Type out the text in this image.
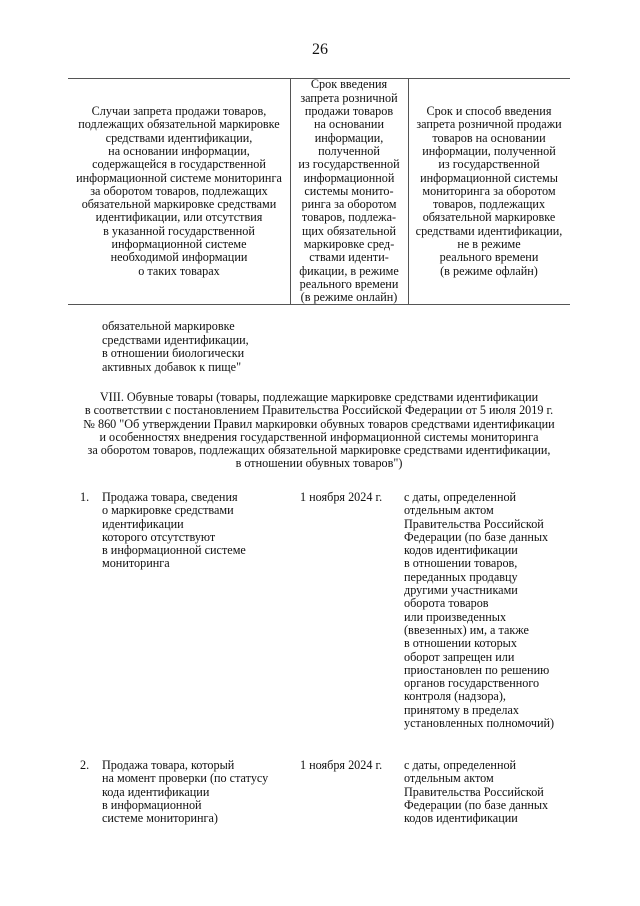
26
Случаи запрета продажи товаров,
подлежащих обязательной маркировке
средствами идентификации,
на основании информации,
содержащейся в государственной
информационной системе мониторинга
за оборотом товаров, подлежащих
обязательной маркировке средствами
идентификации, или отсутствия
в указанной государственной
информационной системе
необходимой информации
о таких товарах
Срок введения
запрета розничной
продажи товаров
на основании
информации,
полученной
из государственной
информационной
системы монито-
ринга за оборотом
товаров, подлежа-
щих обязательной
маркировке сред-
ствами иденти-
фикации, в режиме
реального времени
(в режиме онлайн)
Срок и способ введения
запрета розничной продажи
товаров на основании
информации, полученной
из государственной
информационной системы
мониторинга за оборотом
товаров, подлежащих
обязательной маркировке
средствами идентификации,
не в режиме
реального времени
(в режиме офлайн)
обязательной маркировке
средствами идентификации,
в отношении биологически
активных добавок к пище"
VIII. Обувные товары (товары, подлежащие маркировке средствами идентификации
в соответствии с постановлением Правительства Российской Федерации от 5 июля 2019 г.
№ 860 "Об утверждении Правил маркировки обувных товаров средствами идентификации
и особенностях внедрения государственной информационной системы мониторинга
за оборотом товаров, подлежащих обязательной маркировке средствами идентификации,
в отношении обувных товаров")
1. Продажа товара, сведения
о маркировке средствами
идентификации
которого отсутствуют
в информационной системе
мониторинга
1 ноября 2024 г. с даты, определенной
отдельным актом
Правительства Российской
Федерации (по базе данных
кодов идентификации
в отношении товаров,
переданных продавцу
другими участниками
оборота товаров
или произведенных
(ввезенных) им, а также
в отношении которых
оборот запрещен или
приостановлен по решению
органов государственного
контроля (надзора),
принятому в пределах
установленных полномочий)
2. Продажа товара, который
на момент проверки (по статусу
кода идентификации
в информационной
системе мониторинга)
1 ноября 2024 г. с даты, определенной
отдельным актом
Правительства Российской
Федерации (по базе данных
кодов идентификации
